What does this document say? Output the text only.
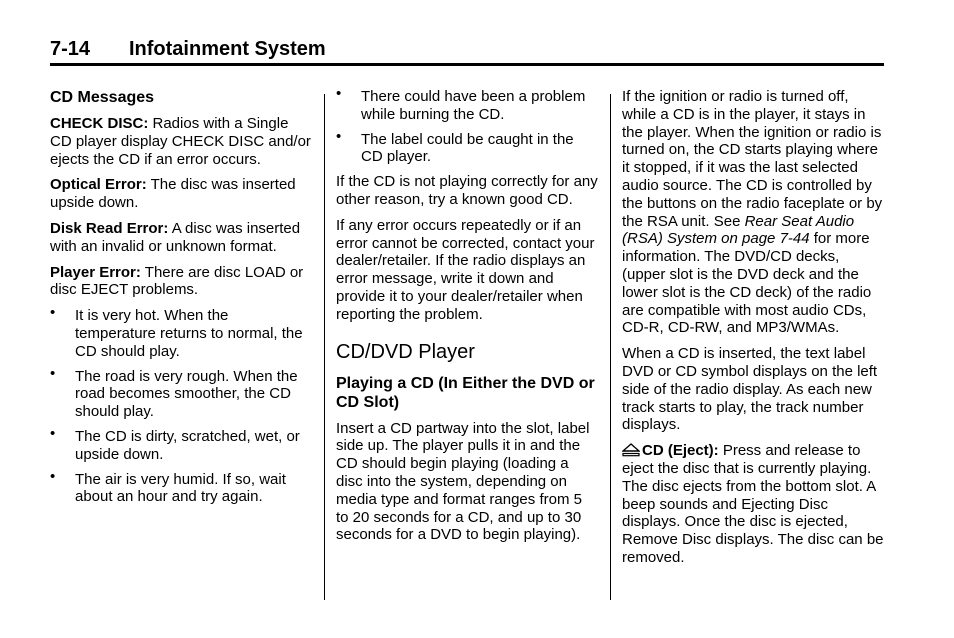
7-14 Infotainment System
CD Messages

CHECK DISC: Radios with a Single CD player display CHECK DISC and/or ejects the CD if an error occurs.

Optical Error: The disc was inserted upside down.

Disk Read Error: A disc was inserted with an invalid or unknown format.

Player Error: There are disc LOAD or disc EJECT problems.

• It is very hot. When the temperature returns to normal, the CD should play.
• The road is very rough. When the road becomes smoother, the CD should play.
• The CD is dirty, scratched, wet, or upside down.
• The air is very humid. If so, wait about an hour and try again.
• There could have been a problem while burning the CD.
• The label could be caught in the CD player.

If the CD is not playing correctly for any other reason, try a known good CD.

If any error occurs repeatedly or if an error cannot be corrected, contact your dealer/retailer. If the radio displays an error message, write it down and provide it to your dealer/retailer when reporting the problem.

CD/DVD Player
Playing a CD (In Either the DVD or CD Slot)

Insert a CD partway into the slot, label side up. The player pulls it in and the CD should begin playing (loading a disc into the system, depending on media type and format ranges from 5 to 20 seconds for a CD, and up to 30 seconds for a DVD to begin playing).

If the ignition or radio is turned off, while a CD is in the player, it stays in the player. When the ignition or radio is turned on, the CD starts playing where it stopped, if it was the last selected audio source. The CD is controlled by the buttons on the radio faceplate or by the RSA unit. See Rear Seat Audio (RSA) System on page 7-44 for more information. The DVD/CD decks, (upper slot is the DVD deck and the lower slot is the CD deck) of the radio are compatible with most audio CDs, CD-R, CD-RW, and MP3/WMAs.

When a CD is inserted, the text label DVD or CD symbol displays on the left side of the radio display. As each new track starts to play, the track number displays.

CD (Eject): Press and release to eject the disc that is currently playing. The disc ejects from the bottom slot. A beep sounds and Ejecting Disc displays. Once the disc is ejected, Remove Disc displays. The disc can be removed.
